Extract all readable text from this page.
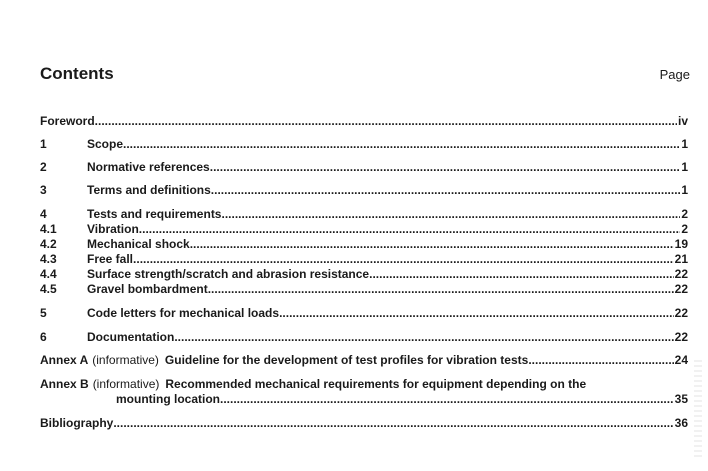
Contents	Page
Foreword .....	iv
1	Scope .....	1
2	Normative references .....	1
3	Terms and definitions .....	1
4	Tests and requirements .....	2
4.1	Vibration .....	2
4.2	Mechanical shock .....	19
4.3	Free fall .....	21
4.4	Surface strength/scratch and abrasion resistance .....	22
4.5	Gravel bombardment .....	22
5	Code letters for mechanical loads .....	22
6	Documentation .....	22
Annex A (informative) Guideline for the development of test profiles for vibration tests .....	24
Annex B (informative) Recommended mechanical requirements for equipment depending on the
mounting location .....	35
Bibliography .....	36
